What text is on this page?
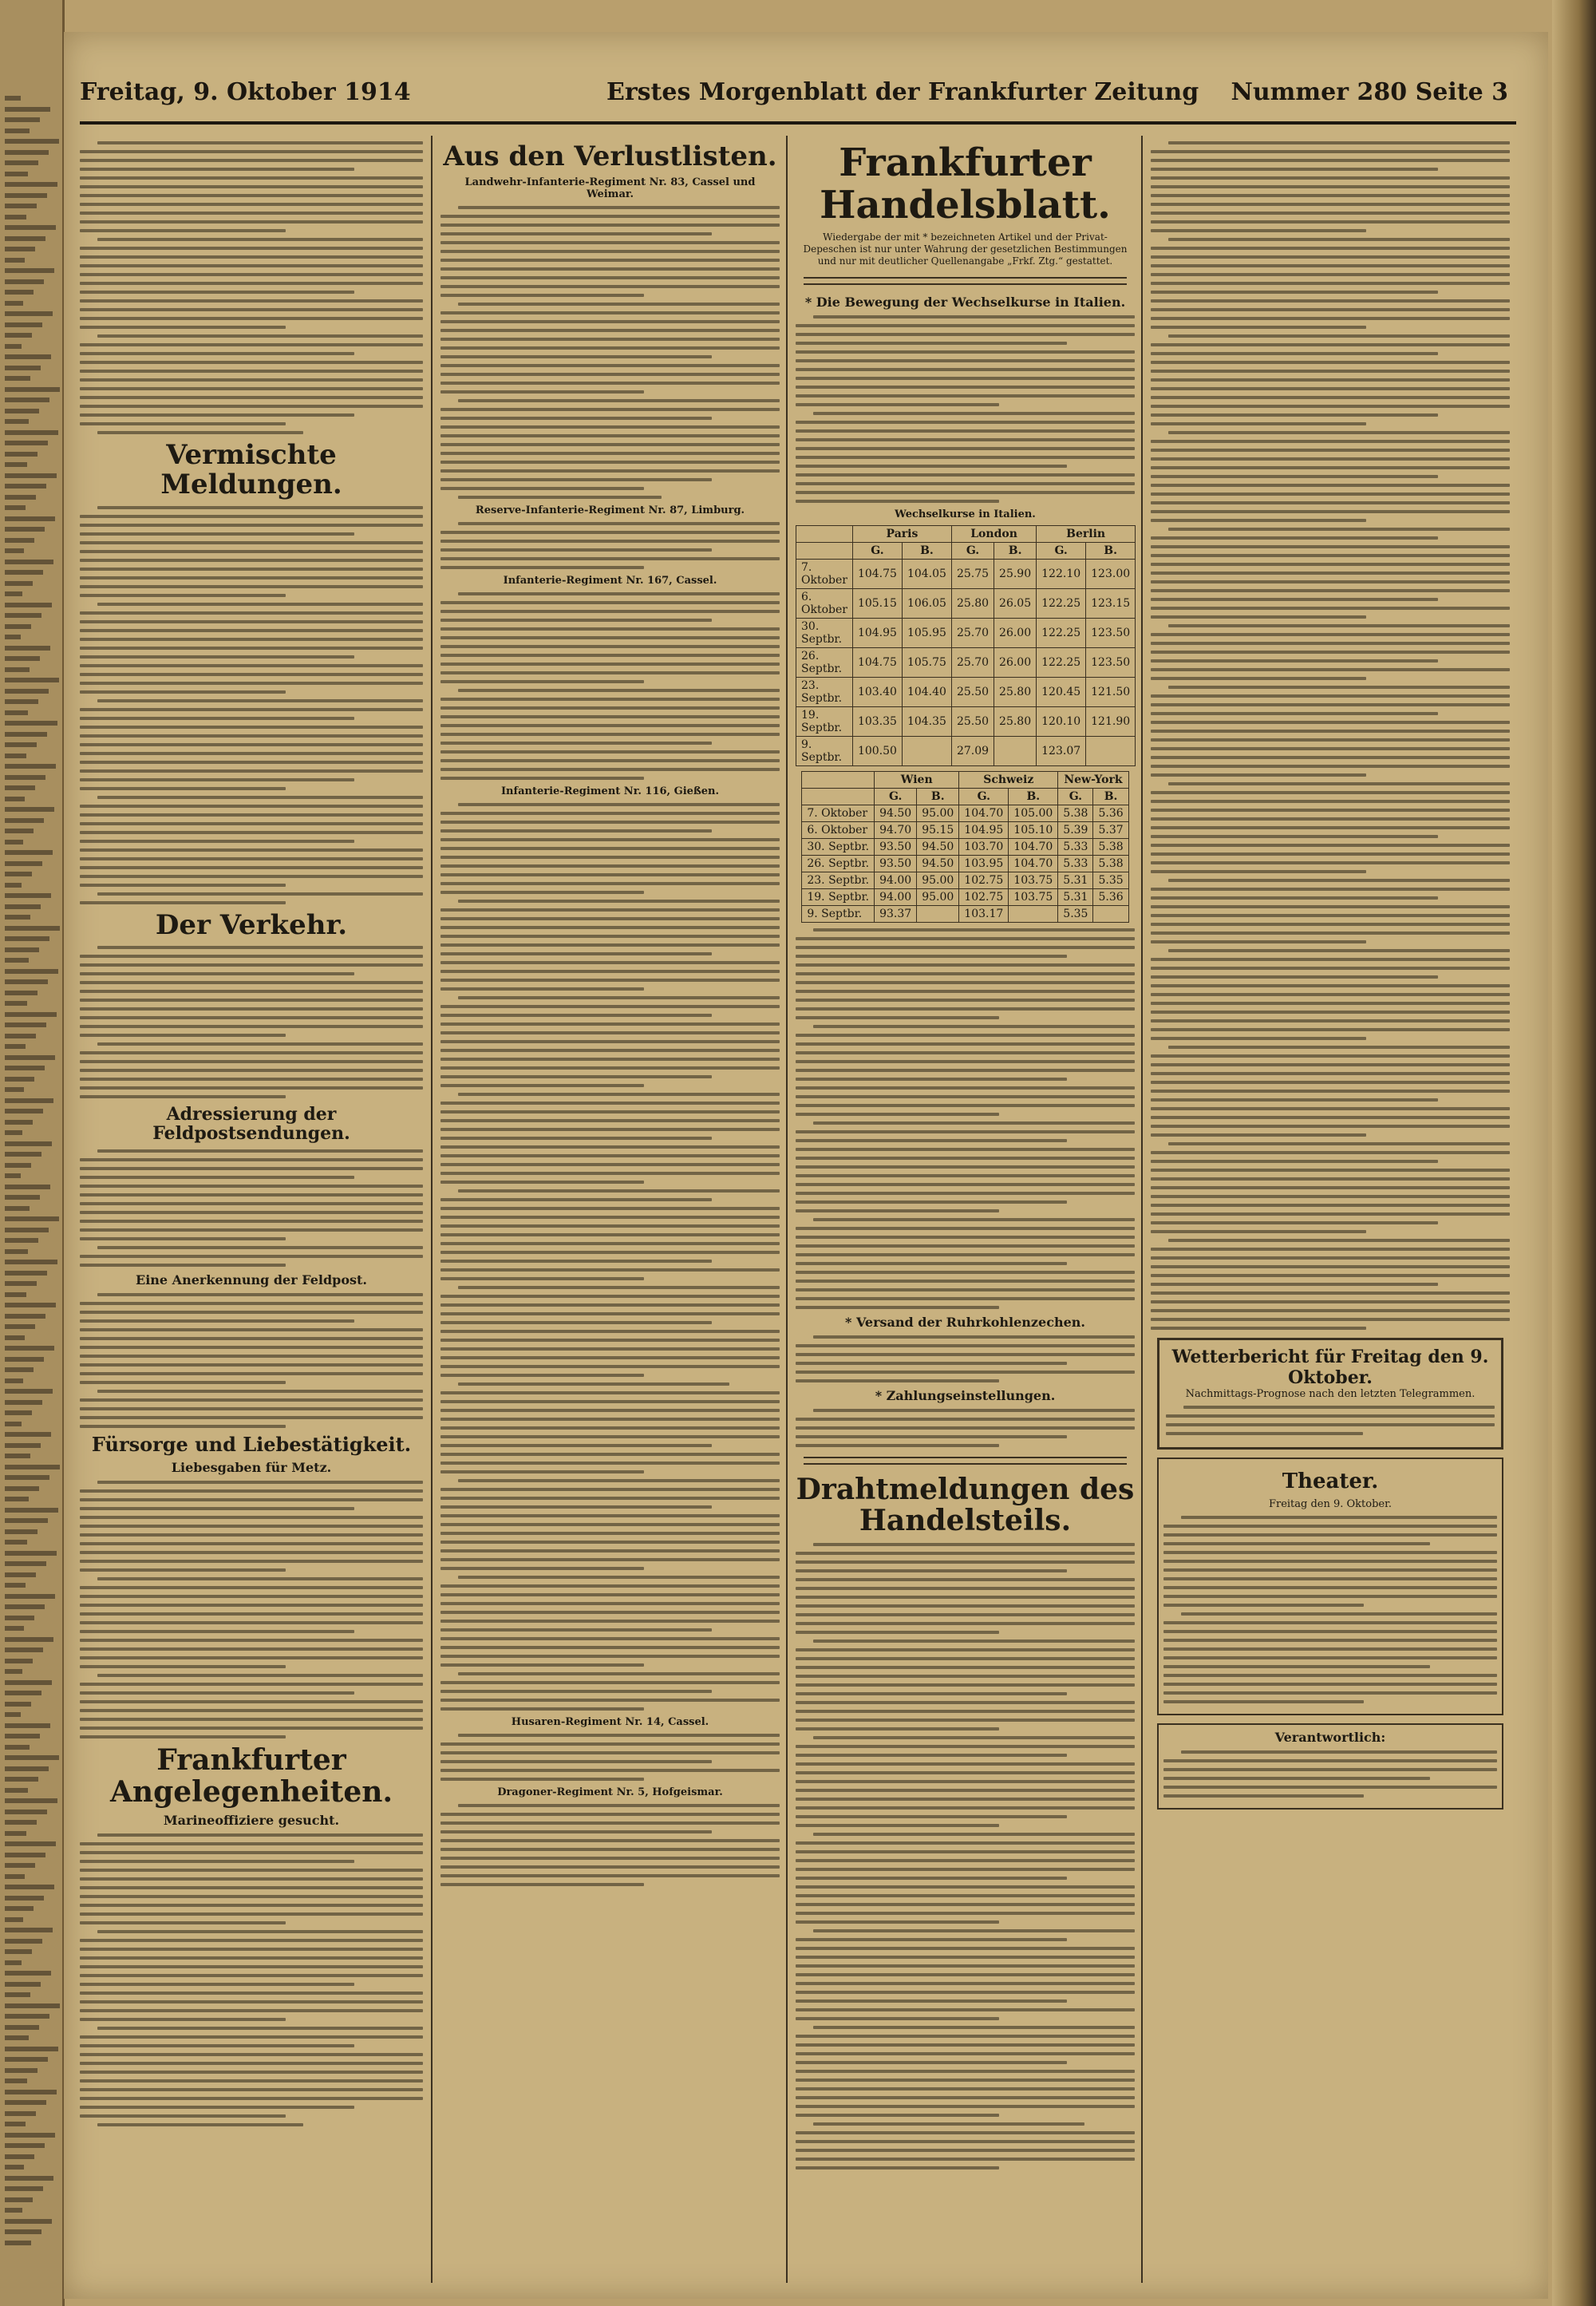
Freitag, 9. Oktober 1914	Erstes Morgenblatt der Frankfurter Zeitung Nummer 280 Seite 3
Vermischte Meldungen.
Der Verkehr.
Adressierung der Feldpostsendungen.
Eine Anerkennung der Feldpost.
Fürsorge und Liebestätigkeit.
Liebesgaben für Metz.
Frankfurter Angelegenheiten.
Marineoffiziere gesucht.
Aus den Verlustlisten.
Landwehr-Infanterie-Regiment Nr. 83, Cassel und Weimar.
Reserve-Infanterie-Regiment Nr. 87, Limburg.
Infanterie-Regiment Nr. 167, Cassel.
Infanterie-Regiment Nr. 116, Gießen.
Husaren-Regiment Nr. 14, Cassel.
Dragoner-Regiment Nr. 5, Hofgeismar.
Frankfurter Handelsblatt.
Wiedergabe der mit * bezeichneten Artikel und der Privat-Depeschen ist nur unter Wahrung der gesetzlichen Bestimmungen und nur mit deutlicher Quellenangabe „Frkf. Ztg.“ gestattet.
* Die Bewegung der Wechselkurse in Italien.
Wechselkurse in Italien.
	Paris		London		Berlin	
	G.	B.	G.	B.	G.	B.
7. Oktober	104.75	104.05	25.75	25.90	122.10	123.00
6. Oktober	105.15	106.05	25.80	26.05	122.25	123.15
30. Septbr.	104.95	105.95	25.70	26.00	122.25	123.50
26. Septbr.	104.75	105.75	25.70	26.00	122.25	123.50
23. Septbr.	103.40	104.40	25.50	25.80	120.45	121.50
19. Septbr.	103.35	104.35	25.50	25.80	120.10	121.90
9. Septbr.	100.50		27.09		123.07	
	Wien		Schweiz		New-York	
	G.	B.	G.	B.	G.	B.
7. Oktober	94.50	95.00	104.70	105.00	5.38	5.36
6. Oktober	94.70	95.15	104.95	105.10	5.39	5.37
30. Septbr.	93.50	94.50	103.70	104.70	5.33	5.38
26. Septbr.	93.50	94.50	103.95	104.70	5.33	5.38
23. Septbr.	94.00	95.00	102.75	103.75	5.31	5.35
19. Septbr.	94.00	95.00	102.75	103.75	5.31	5.36
9. Septbr.	93.37		103.17		5.35	
* Versand der Ruhrkohlenzechen.
* Zahlungseinstellungen.
Drahtmeldungen des Handelsteils.
Wetterbericht für Freitag den 9. Oktober.
Nachmittags-Prognose nach den letzten Telegrammen.
Theater.
Freitag den 9. Oktober.
Verantwortlich:
